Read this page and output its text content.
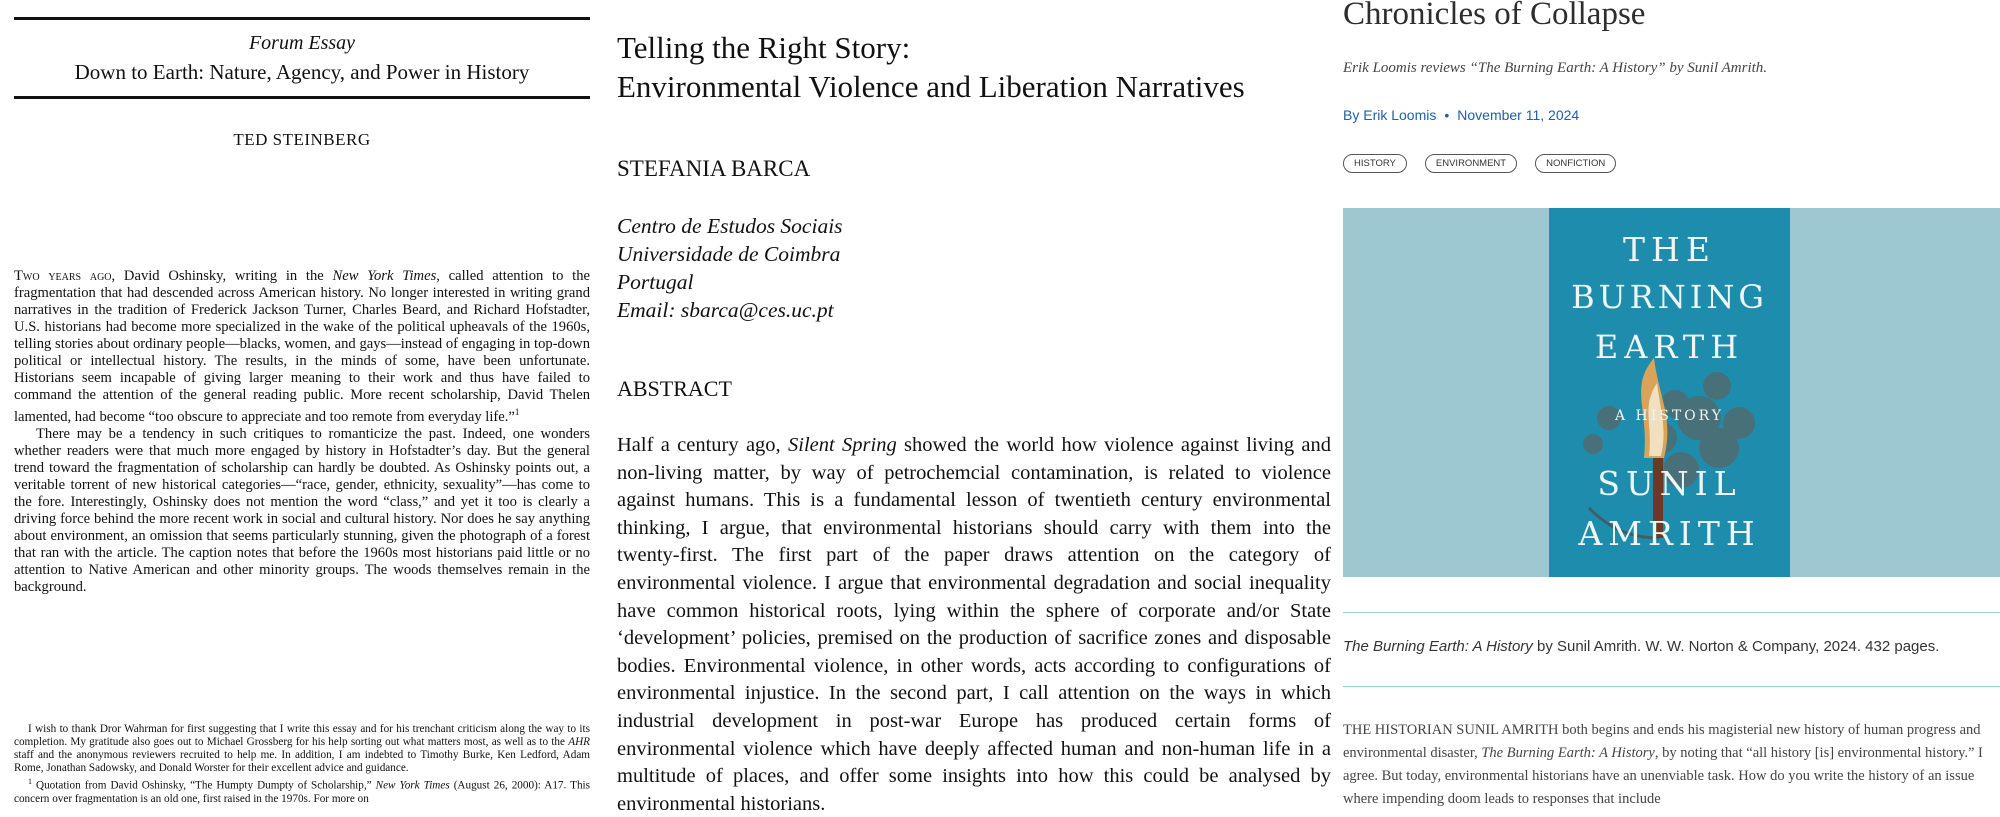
Forum Essay
Down to Earth: Nature, Agency, and Power in History
TED STEINBERG

Two years ago, David Oshinsky, writing in the New York Times, called attention to the fragmentation that had descended across American history. No longer interested in writing grand narratives in the tradition of Frederick Jackson Turner, Charles Beard, and Richard Hofstadter, U.S. historians had become more specialized in the wake of the political upheavals of the 1960s, telling stories about ordinary people—blacks, women, and gays—instead of engaging in top-down political or intellectual history. The results, in the minds of some, have been unfortunate. Historians seem incapable of giving larger meaning to their work and thus have failed to command the attention of the general reading public. More recent scholarship, David Thelen lamented, had become “too obscure to appreciate and too remote from everyday life.”$^1$

There may be a tendency in such critiques to romanticize the past. Indeed, one wonders whether readers were that much more engaged by history in Hofstadter’s day. But the general trend toward the fragmentation of scholarship can hardly be doubted. As Oshinsky points out, a veritable torrent of new historical categories—“race, gender, ethnicity, sexuality”—has come to the fore. Interestingly, Oshinsky does not mention the word “class,” and yet it too is clearly a driving force behind the more recent work in social and cultural history. Nor does he say anything about environment, an omission that seems particularly stunning, given the photograph of a forest that ran with the article. The caption notes that before the 1960s most historians paid little or no attention to Native American and other minority groups. The woods themselves remain in the background.

I wish to thank Dror Wahrman for first suggesting that I write this essay and for his trenchant criticism along the way to its completion. My gratitude also goes out to Michael Grossberg for his help sorting out what matters most, as well as to the AHR staff and the anonymous reviewers recruited to help me. In addition, I am indebted to Timothy Burke, Ken Ledford, Adam Rome, Jonathan Sadowsky, and Donald Worster for their excellent advice and guidance.

$^1$ Quotation from David Oshinsky, “The Humpty Dumpty of Scholarship,” New York Times (August 26, 2000): A17. This concern over fragmentation is an old one, first raised in the 1970s. For more on

Telling the Right Story:
Environmental Violence and Liberation Narratives
STEFANIA BARCA
Centro de Estudos Sociais
Universidade de Coimbra
Portugal
Email: sbarca@ces.uc.pt
ABSTRACT

Half a century ago, Silent Spring showed the world how violence against living and non-living matter, by way of petrochemcial contamination, is related to violence against humans. This is a fundamental lesson of twentieth century environmental thinking, I argue, that environmental historians should carry with them into the twenty-first. The first part of the paper draws attention on the category of environmental violence. I argue that environmental degradation and social inequality have common historical roots, lying within the sphere of corporate and/or State ‘development’ policies, premised on the production of sacrifice zones and disposable bodies. Environmental violence, in other words, acts according to configurations of environmental injustice. In the second part, I call attention on the ways in which industrial development in post-war Europe has produced certain forms of environmental violence which have deeply affected human and non-human life in a multitude of places, and offer some insights into how this could be analysed by environmental historians.

Chronicles of Collapse
Erik Loomis reviews “The Burning Earth: A History” by Sunil Amrith.
By Erik Loomis • November 11, 2024
HISTORY	ENVIRONMENT	NONFICTION
THE
BURNING
EARTH
A HISTORY
SUNIL
AMRITH
The Burning Earth: A History by Sunil Amrith. W. W. Norton & Company, 2024. 432 pages.

THE HISTORIAN SUNIL AMRITH both begins and ends his magisterial new history of human progress and environmental disaster, The Burning Earth: A History, by noting that “all history [is] environmental history.” I agree. But today, environmental historians have an unenviable task. How do you write the history of an issue where impending doom leads to responses that include
